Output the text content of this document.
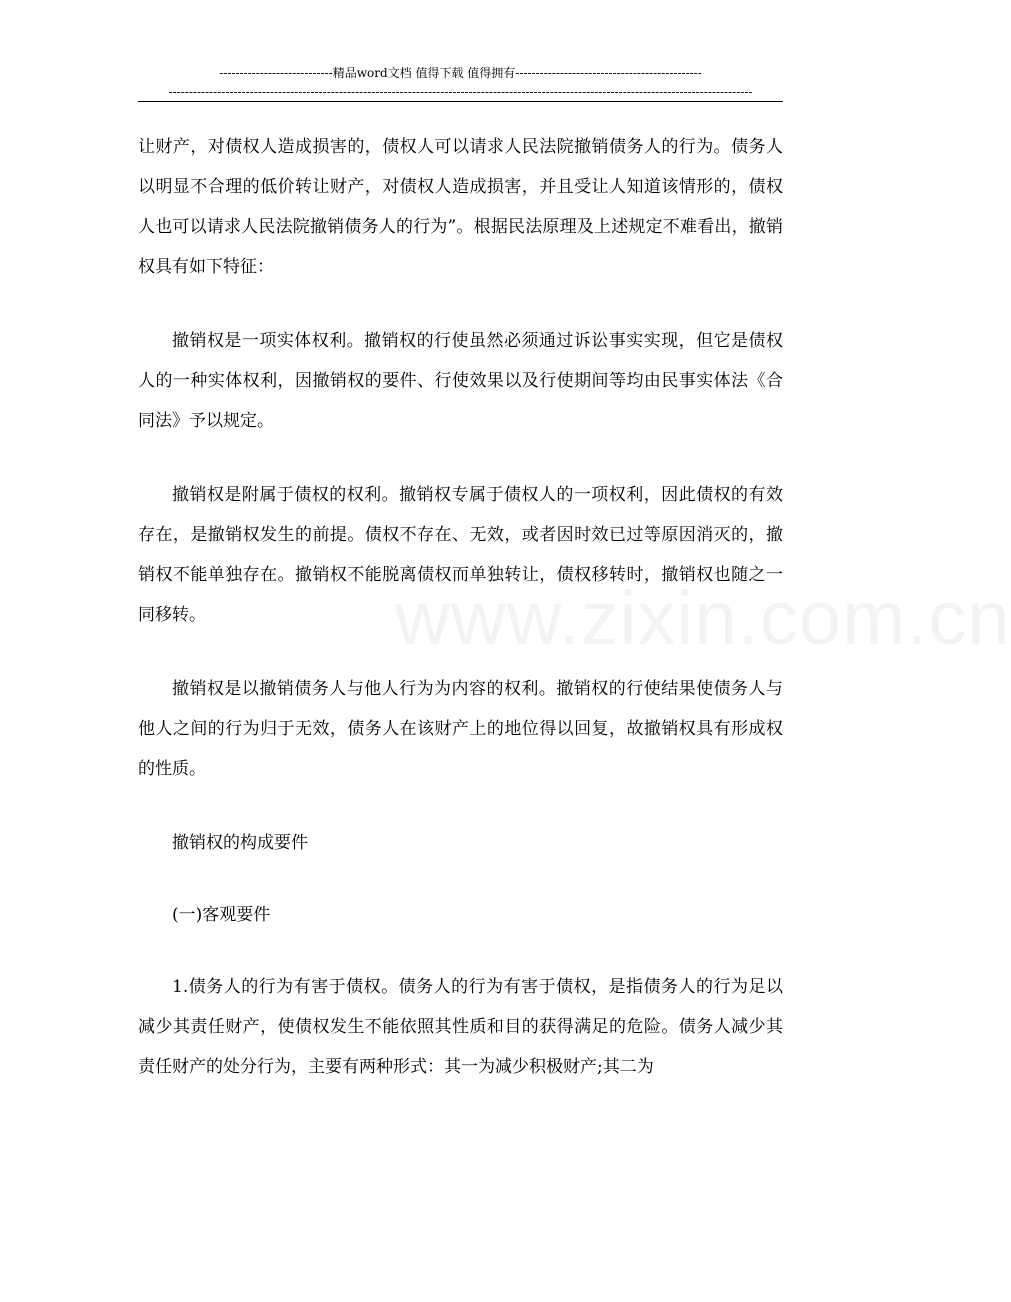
----------------------------精品word文档 值得下载 值得拥有----------------------------------------------
------------------------------------------------------------------------------------------------------------------------------------------------
www.zixin.com.cn

让财产，对债权人造成损害的，债权人可以请求人民法院撤销债务人的行为。债务人以明显不合理的低价转让财产，对债权人造成损害，并且受让人知道该情形的，债权人也可以请求人民法院撤销债务人的行为”。根据民法原理及上述规定不难看出，撤销权具有如下特征：

撤销权是一项实体权利。撤销权的行使虽然必须通过诉讼事实实现，但它是债权人的一种实体权利，因撤销权的要件、行使效果以及行使期间等均由民事实体法《合同法》予以规定。

撤销权是附属于债权的权利。撤销权专属于债权人的一项权利，因此债权的有效存在，是撤销权发生的前提。债权不存在、无效，或者因时效已过等原因消灭的，撤销权不能单独存在。撤销权不能脱离债权而单独转让，债权移转时，撤销权也随之一同移转。

撤销权是以撤销债务人与他人行为为内容的权利。撤销权的行使结果使债务人与他人之间的行为归于无效，债务人在该财产上的地位得以回复，故撤销权具有形成权的性质。

撤销权的构成要件

(一)客观要件

1.债务人的行为有害于债权。债务人的行为有害于债权，是指债务人的行为足以减少其责任财产，使债权发生不能依照其性质和目的获得满足的危险。债务人减少其责任财产的处分行为，主要有两种形式：其一为减少积极财产;其二为
